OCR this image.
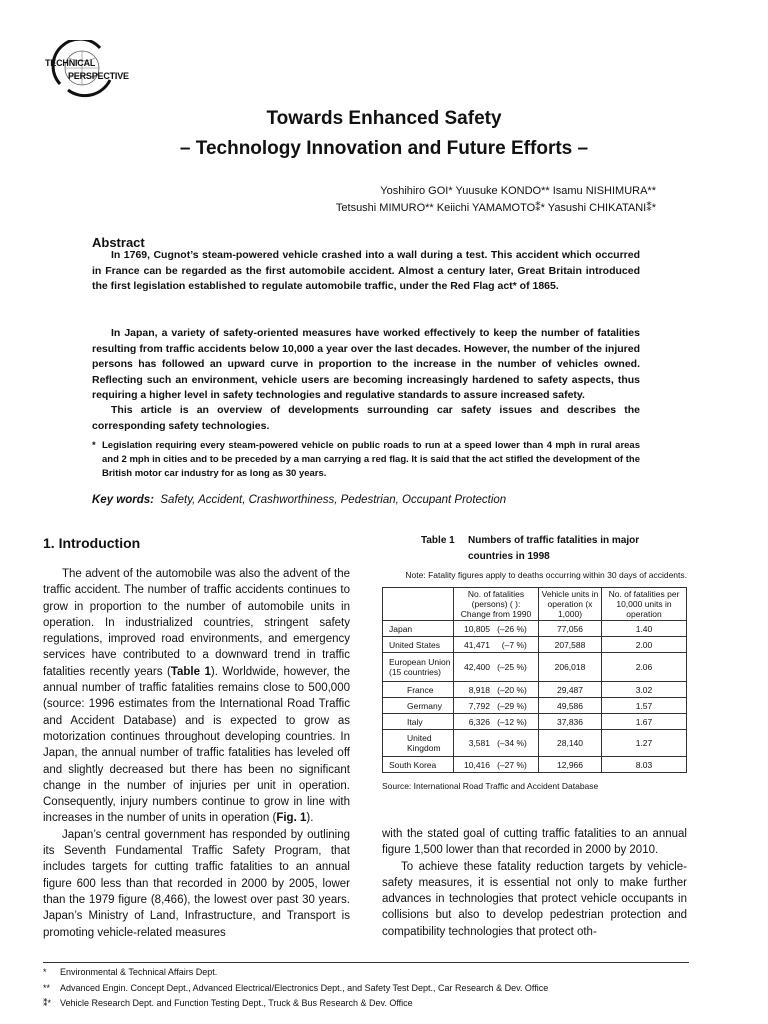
TECHNICAL
PERSPECTIVE
Towards Enhanced Safety
– Technology Innovation and Future Efforts –
Yoshihiro GOI* Yuusuke KONDO** Isamu NISHIMURA**
Tetsushi MIMURO** Keiichi YAMAMOTO⁑* Yasushi CHIKATANI⁑*
Abstract
In 1769, Cugnot’s steam-powered vehicle crashed into a wall during a test. This accident which occurred in France can be regarded as the first automobile accident. Almost a century later, Great Britain introduced the first legislation established to regulate automobile traffic, under the Red Flag act* of 1865.
In Japan, a variety of safety-oriented measures have worked effectively to keep the number of fatalities resulting from traffic accidents below 10,000 a year over the last decades. However, the number of the injured persons has followed an upward curve in proportion to the increase in the number of vehicles owned. Reflecting such an environment, vehicle users are becoming increasingly hardened to safety aspects, thus requiring a higher level in safety technologies and regulative standards to assure increased safety.
This article is an overview of developments surrounding car safety issues and describes the corresponding safety technologies.
* Legislation requiring every steam-powered vehicle on public roads to run at a speed lower than 4 mph in rural areas and 2 mph in cities and to be preceded by a man carrying a red flag. It is said that the act stifled the development of the British motor car industry for as long as 30 years.
Key words: Safety, Accident, Crashworthiness, Pedestrian, Occupant Protection
1. Introduction

The advent of the automobile was also the advent of the traffic accident. The number of traffic accidents continues to grow in proportion to the number of automobile units in operation. In industrialized countries, stringent safety regulations, improved road environments, and emergency services have contributed to a downward trend in traffic fatalities recently years (Table 1). Worldwide, however, the annual number of traffic fatalities remains close to 500,000 (source: 1996 estimates from the International Road Traffic and Accident Database) and is expected to grow as motorization continues throughout developing countries. In Japan, the annual number of traffic fatalities has leveled off and slightly decreased but there has been no significant change in the number of injuries per unit in operation. Consequently, injury numbers continue to grow in line with increases in the number of units in operation (Fig. 1).

Japan’s central government has responded by outlining its Seventh Fundamental Traffic Safety Program, that includes targets for cutting traffic fatalities to an annual figure 600 less than that recorded in 2000 by 2005, lower than the 1979 figure (8,466), the lowest over past 30 years. Japan’s Ministry of Land, Infrastructure, and Transport is promoting vehicle-related measures

Table 1 Numbers of traffic fatalities in major
countries in 1998
Note: Fatality figures apply to deaths occurring within 30 days of accidents.
	No. of fatalities (persons) ( ): Change from 1990	Vehicle units in operation (x 1,000)	No. of fatalities per 10,000 units in operation
Japan	10,805   (–26 %)	77,056	1.40
United States	41,471     (–7 %)	207,588	2.00
European Union (15 countries)	42,400   (–25 %)	206,018	2.06
France	8,918   (–20 %)	29,487	3.02
Germany	7,792   (–29 %)	49,586	1.57
Italy	6,326   (–12 %)	37,836	1.67
United Kingdom	3,581   (–34 %)	28,140	1.27
South Korea	10,416   (–27 %)	12,966	8.03
Source: International Road Traffic and Accident Database

with the stated goal of cutting traffic fatalities to an annual figure 1,500 lower than that recorded in 2000 by 2010.

To achieve these fatality reduction targets by vehicle-safety measures, it is essential not only to make further advances in technologies that protect vehicle occupants in collisions but also to develop pedestrian protection and compatibility technologies that protect oth-

* Environmental & Technical Affairs Dept.
** Advanced Engin. Concept Dept., Advanced Electrical/Electronics Dept., and Safety Test Dept., Car Research & Dev. Office
⁑* Vehicle Research Dept. and Function Testing Dept., Truck & Bus Research & Dev. Office
